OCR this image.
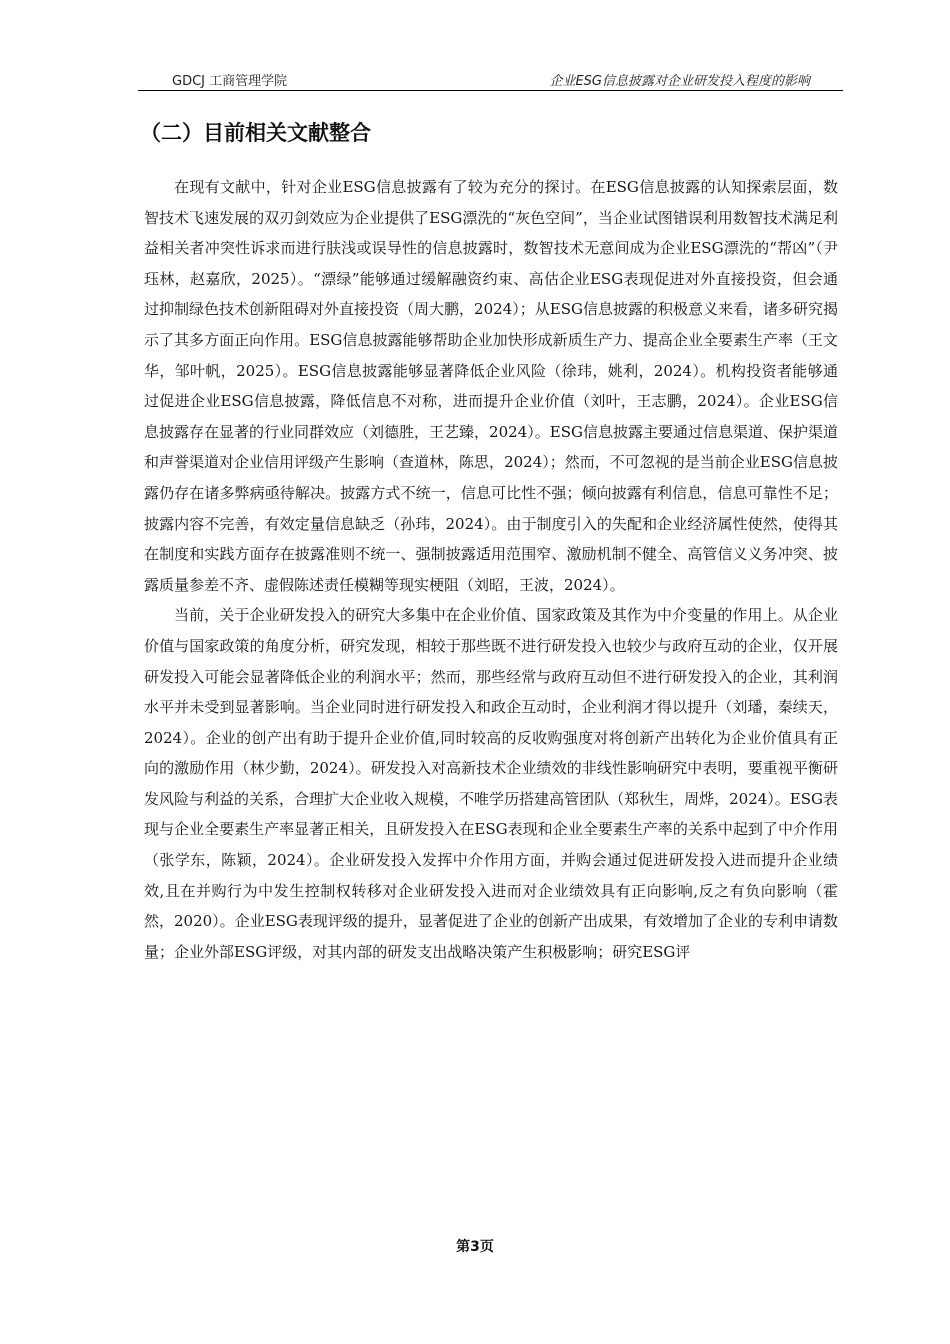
GDCJ 工商管理学院	企业ESG信息披露对企业研发投入程度的影响
（二）目前相关文献整合

在现有文献中，针对企业ESG信息披露有了较为充分的探讨。在ESG信息披露的认知探索层面，数智技术飞速发展的双刃剑效应为企业提供了ESG漂洗的“灰色空间”，当企业试图错误利用数智技术满足利益相关者冲突性诉求而进行肤浅或误导性的信息披露时，数智技术无意间成为企业ESG漂洗的“帮凶”（尹珏林，赵嘉欣，2025）。“漂绿”能够通过缓解融资约束、高估企业ESG表现促进对外直接投资，但会通过抑制绿色技术创新阻碍对外直接投资（周大鹏，2024）；从ESG信息披露的积极意义来看，诸多研究揭示了其多方面正向作用。ESG信息披露能够帮助企业加快形成新质生产力、提高企业全要素生产率（王文华，邹叶帆，2025）。ESG信息披露能够显著降低企业风险（徐玮，姚利，2024）。机构投资者能够通过促进企业ESG信息披露，降低信息不对称，进而提升企业价值（刘叶，王志鹏，2024）。企业ESG信息披露存在显著的行业同群效应（刘德胜，王艺臻，2024）。ESG信息披露主要通过信息渠道、保护渠道和声誉渠道对企业信用评级产生影响（查道林，陈思，2024）；然而，不可忽视的是当前企业ESG信息披露仍存在诸多弊病亟待解决。披露方式不统一，信息可比性不强；倾向披露有利信息，信息可靠性不足；披露内容不完善，有效定量信息缺乏（孙玮，2024）。由于制度引入的失配和企业经济属性使然，使得其在制度和实践方面存在披露准则不统一、强制披露适用范围窄、激励机制不健全、高管信义义务冲突、披露质量参差不齐、虚假陈述责任模糊等现实梗阻（刘昭，王波，2024）。

当前，关于企业研发投入的研究大多集中在企业价值、国家政策及其作为中介变量的作用上。从企业价值与国家政策的角度分析，研究发现，相较于那些既不进行研发投入也较少与政府互动的企业，仅开展研发投入可能会显著降低企业的利润水平；然而，那些经常与政府互动但不进行研发投入的企业，其利润水平并未受到显著影响。当企业同时进行研发投入和政企互动时，企业利润才得以提升（刘璠，秦续天，2024）。企业的创产出有助于提升企业价值,同时较高的反收购强度对将创新产出转化为企业价值具有正向的激励作用（林少勤，2024）。研发投入对高新技术企业绩效的非线性影响研究中表明，要重视平衡研发风险与利益的关系，合理扩大企业收入规模，不唯学历搭建高管团队（郑秋生，周烨，2024）。ESG表现与企业全要素生产率显著正相关，且研发投入在ESG表现和企业全要素生产率的关系中起到了中介作用（张学东，陈颖，2024）。企业研发投入发挥中介作用方面，并购会通过促进研发投入进而提升企业绩效,且在并购行为中发生控制权转移对企业研发投入进而对企业绩效具有正向影响,反之有负向影响（霍然，2020）。企业ESG表现评级的提升，显著促进了企业的创新产出成果，有效增加了企业的专利申请数量；企业外部ESG评级，对其内部的研发支出战略决策产生积极影响；研究ESG评

第3页
